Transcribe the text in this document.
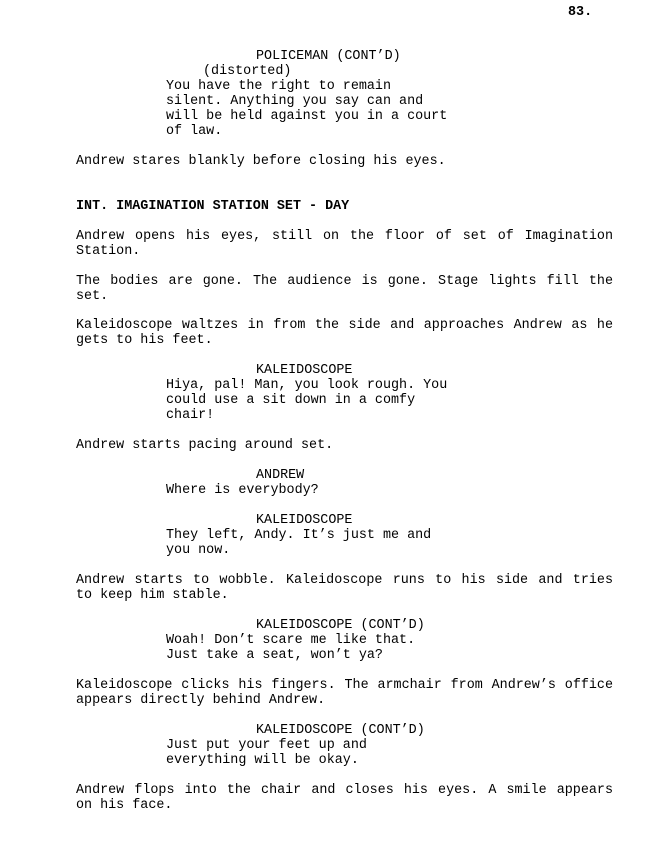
83.
POLICEMAN (CONT’D)
(distorted)
You have the right to remain
silent. Anything you say can and
will be held against you in a court
of law.
Andrew stares blankly before closing his eyes.
INT. IMAGINATION STATION SET - DAY
Andrew opens his eyes, still on the floor of set of Imagination Station.
The bodies are gone. The audience is gone. Stage lights fill the set.
Kaleidoscope waltzes in from the side and approaches Andrew as he gets to his feet.
KALEIDOSCOPE
Hiya, pal! Man, you look rough. You
could use a sit down in a comfy
chair!
Andrew starts pacing around set.
ANDREW
Where is everybody?
KALEIDOSCOPE
They left, Andy. It’s just me and
you now.
Andrew starts to wobble. Kaleidoscope runs to his side and tries to keep him stable.
KALEIDOSCOPE (CONT’D)
Woah! Don’t scare me like that.
Just take a seat, won’t ya?
Kaleidoscope clicks his fingers. The armchair from Andrew’s office appears directly behind Andrew.
KALEIDOSCOPE (CONT’D)
Just put your feet up and
everything will be okay.
Andrew flops into the chair and closes his eyes. A smile appears on his face.
